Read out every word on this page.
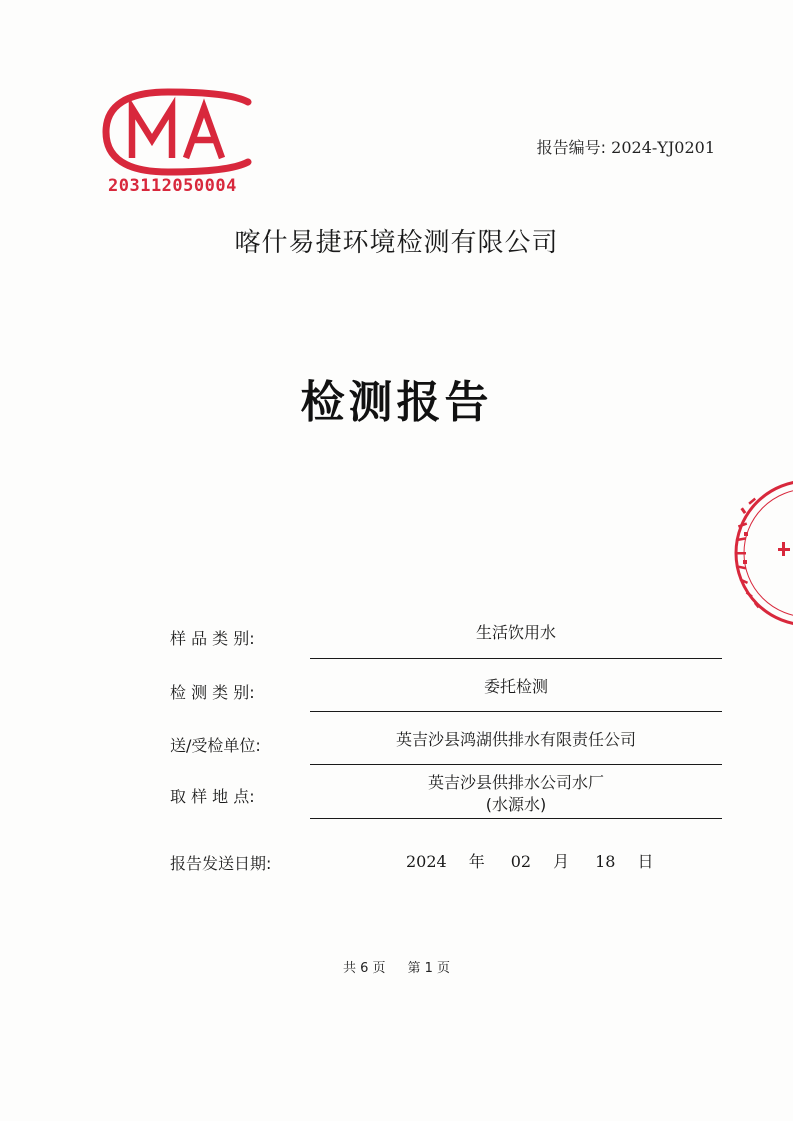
203112050004
报告编号: 2024-YJ0201
喀什易捷环境检测有限公司
检测报告
样 品 类 别:	生活饮用水
检 测 类 别:	委托检测
送/受检单位:	英吉沙县鸿湖供排水有限责任公司
取 样 地 点:
英吉沙县供排水公司水厂
(水源水)
报告发送日期:	2024 年 02 月 18 日
共 6 页 第 1 页
